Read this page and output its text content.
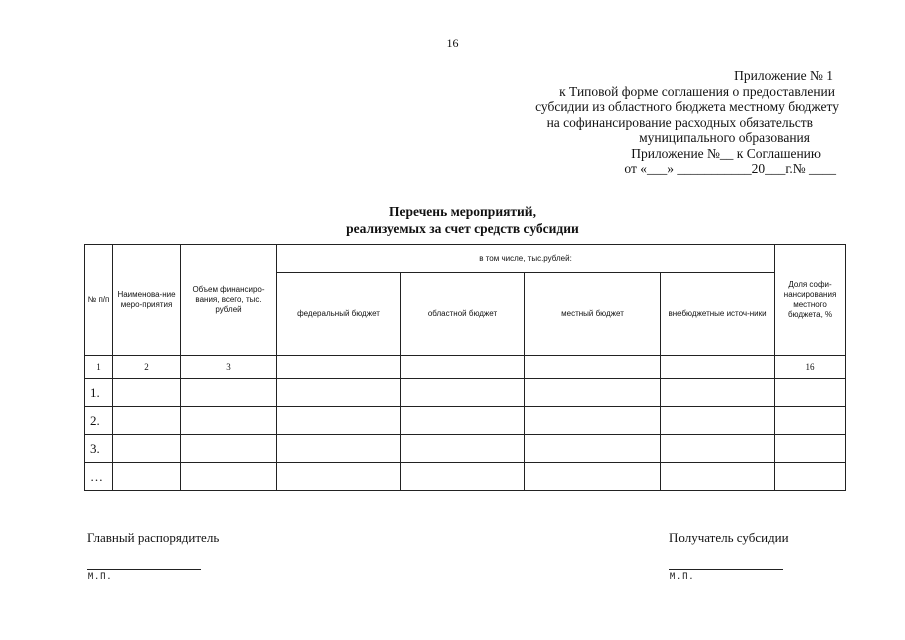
16
Приложение № 1
к Типовой форме соглашения о предоставлении
субсидии из областного бюджета местному бюджету
на софинансирование расходных обязательств
муниципального образования
Приложение №__ к Соглашению
от «___» ___________20___г.№ ____
Перечень мероприятий,
реализуемых за счет средств субсидии
№ п/п	Наименова-ние меро-приятия	Объем финансиро-вания, всего, тыс. рублей	в том числе, тыс.рублей:				Доля софи-нансирования местного бюджета, %
			федеральный бюджет	областной бюджет	местный бюджет	внебюджетные источ-ники	
1	2	3					16
1.							
2.							
3.							
…							
Главный распорядитель
М.П.
Получатель субсидии
М.П.
